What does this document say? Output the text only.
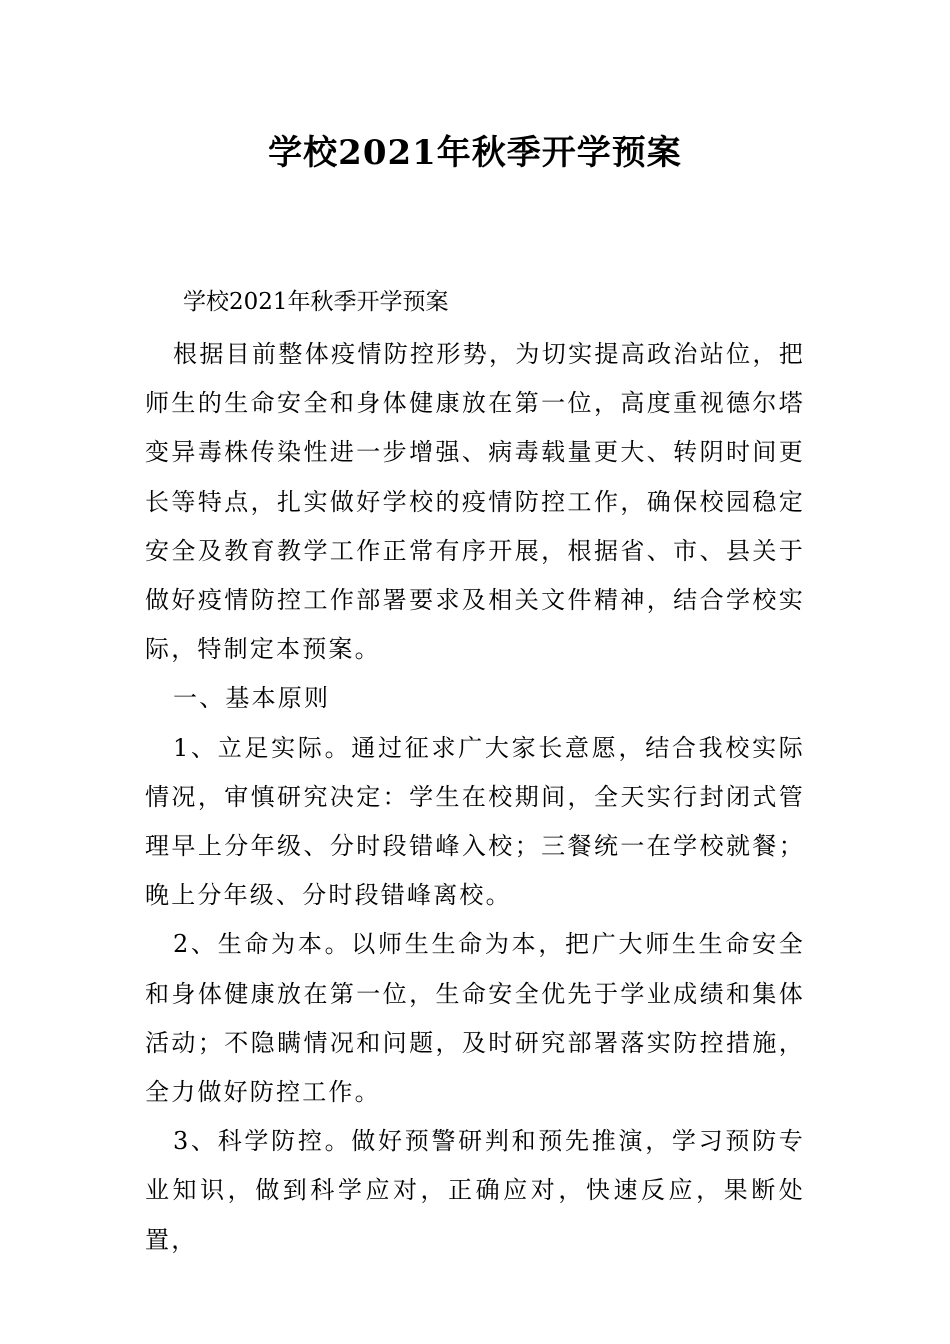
学校2021年秋季开学预案

学校2021年秋季开学预案

根据目前整体疫情防控形势，为切实提高政治站位，把师生的生命安全和身体健康放在第一位，高度重视德尔塔变异毒株传染性进一步增强、病毒载量更大、转阴时间更长等特点，扎实做好学校的疫情防控工作，确保校园稳定安全及教育教学工作正常有序开展，根据省、市、县关于做好疫情防控工作部署要求及相关文件精神，结合学校实际，特制定本预案。

一、基本原则

1、立足实际。通过征求广大家长意愿，结合我校实际情况，审慎研究决定：学生在校期间，全天实行封闭式管理早上分年级、分时段错峰入校；三餐统一在学校就餐；晚上分年级、分时段错峰离校。

2、生命为本。以师生生命为本，把广大师生生命安全和身体健康放在第一位，生命安全优先于学业成绩和集体活动；不隐瞒情况和问题，及时研究部署落实防控措施，全力做好防控工作。

3、科学防控。做好预警研判和预先推演，学习预防专业知识，做到科学应对，正确应对，快速反应，果断处置，
